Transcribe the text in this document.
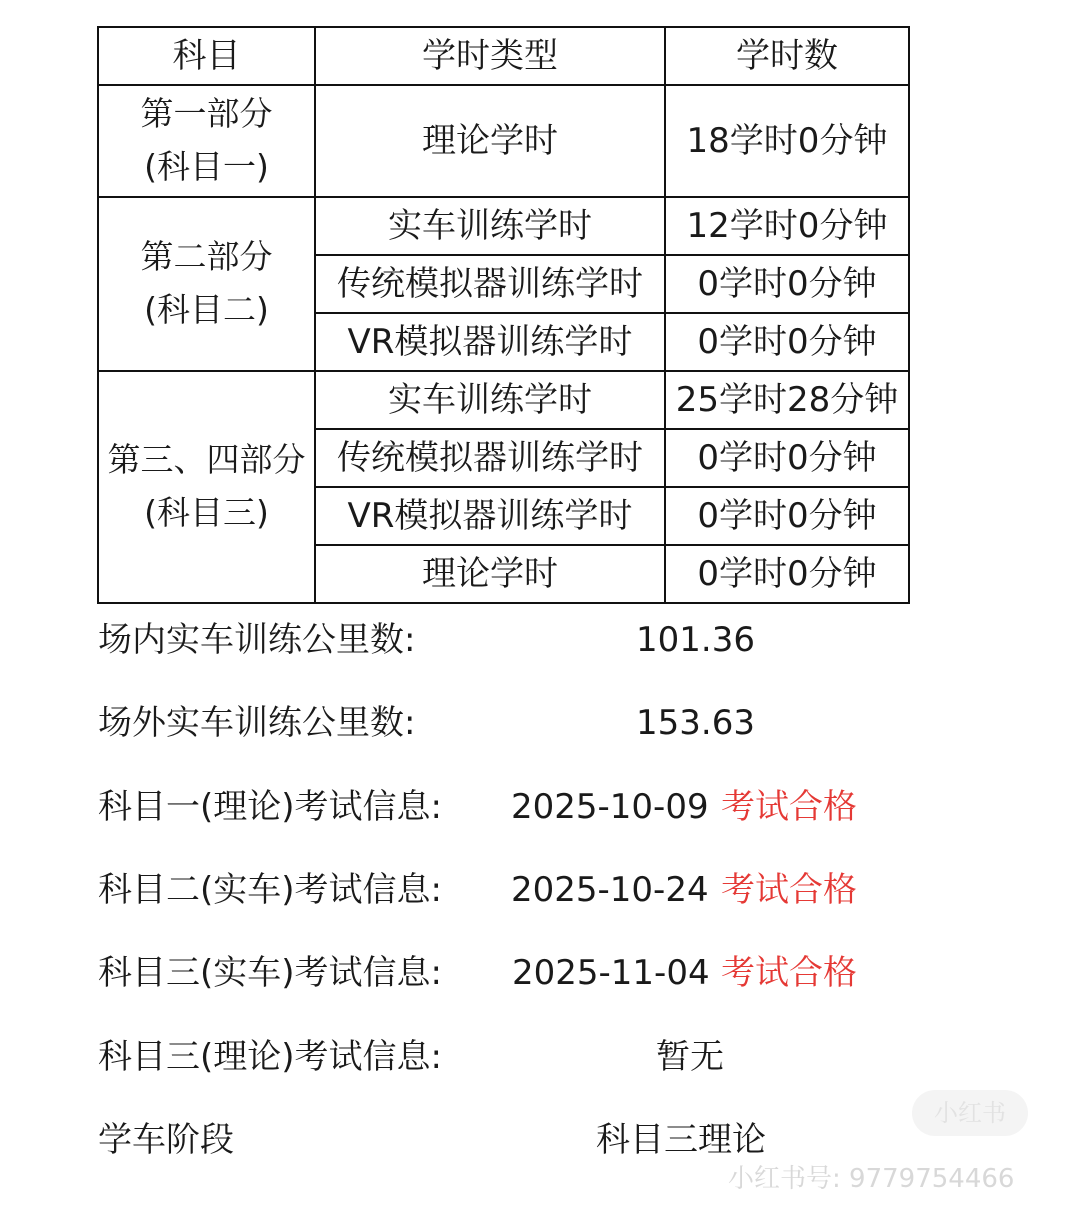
科目	学时类型	学时数

第一部分
(科目一)	理论学时	18学时0分钟

第二部分
(科目二)	实车训练学时	12学时0分钟
	传统模拟器训练学时	0学时0分钟
	VR模拟器训练学时	0学时0分钟

第三、四部分
(科目三)	实车训练学时	25学时28分钟
	传统模拟器训练学时	0学时0分钟
	VR模拟器训练学时	0学时0分钟
	理论学时	0学时0分钟
场内实车训练公里数:	101.36
场外实车训练公里数:	153.63
科目一(理论)考试信息: 2025-10-09 考试合格
科目二(实车)考试信息: 2025-10-24 考试合格
科目三(实车)考试信息: 2025-11-04 考试合格
科目三(理论)考试信息:	暂无
学车阶段	科目三理论
小红书
小红书号: 9779754466
